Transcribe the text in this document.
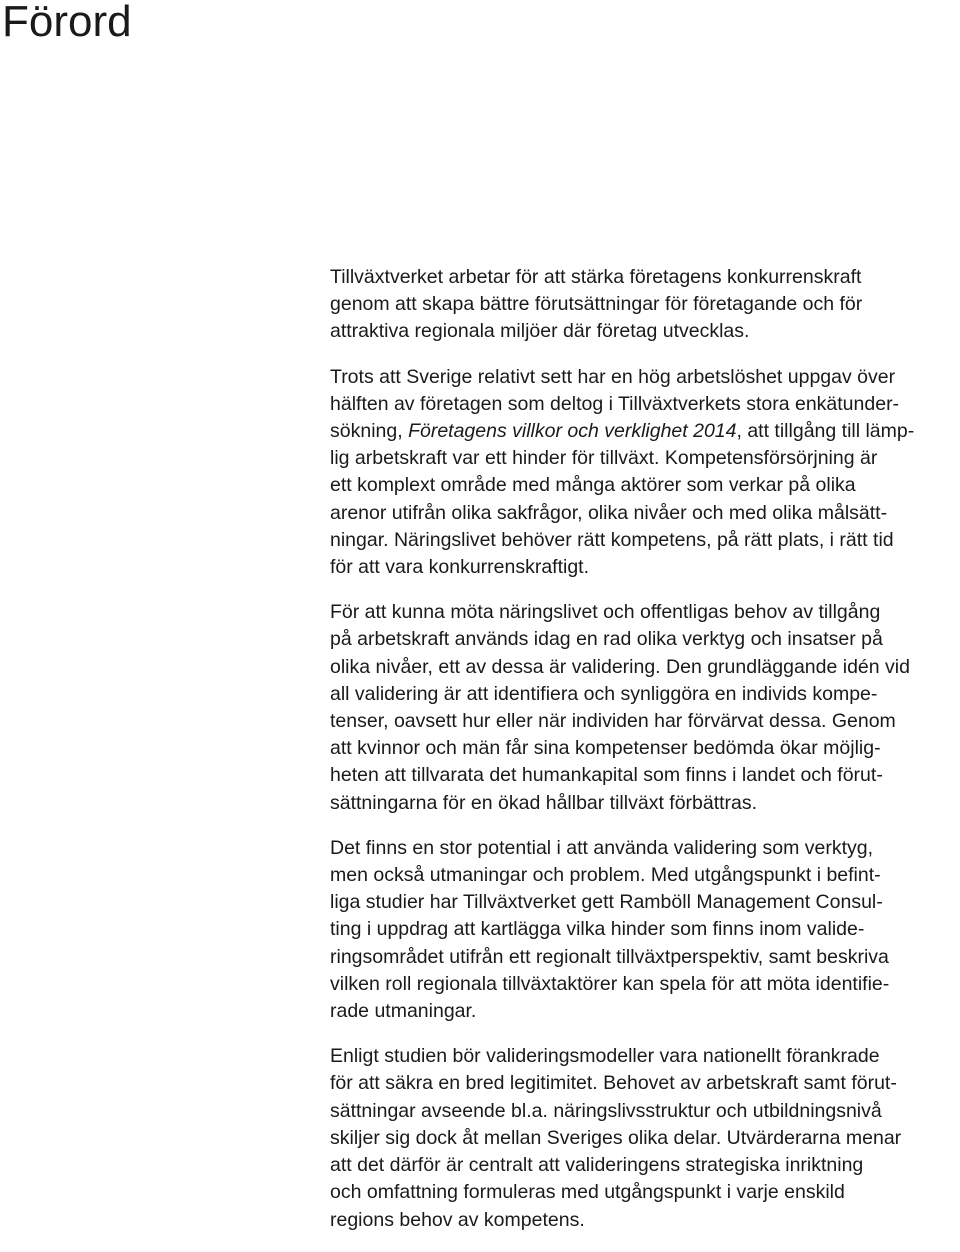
Förord

Tillväxtverket arbetar för att stärka företagens konkurrenskraft
genom att skapa bättre förutsättningar för företagande och för
attraktiva regionala miljöer där företag utvecklas.

Trots att Sverige relativt sett har en hög arbetslöshet uppgav över
hälften av företagen som deltog i Tillväxtverkets stora enkätunder-
sökning, Företagens villkor och verklighet 2014, att tillgång till lämp-
lig arbetskraft var ett hinder för tillväxt. Kompetensförsörjning är
ett komplext område med många aktörer som verkar på olika
arenor utifrån olika sakfrågor, olika nivåer och med olika målsätt-
ningar. Näringslivet behöver rätt kompetens, på rätt plats, i rätt tid
för att vara konkurrenskraftigt.

För att kunna möta näringslivet och offentligas behov av tillgång
på arbetskraft används idag en rad olika verktyg och insatser på
olika nivåer, ett av dessa är validering. Den grundläggande idén vid
all validering är att identifiera och synliggöra en individs kompe-
tenser, oavsett hur eller när individen har förvärvat dessa. Genom
att kvinnor och män får sina kompetenser bedömda ökar möjlig-
heten att tillvarata det humankapital som finns i landet och förut-
sättningarna för en ökad hållbar tillväxt förbättras.

Det finns en stor potential i att använda validering som verktyg,
men också utmaningar och problem. Med utgångspunkt i befint-
liga studier har Tillväxtverket gett Ramböll Management Consul-
ting i uppdrag att kartlägga vilka hinder som finns inom valide-
ringsområdet utifrån ett regionalt tillväxtperspektiv, samt beskriva
vilken roll regionala tillväxtaktörer kan spela för att möta identifie-
rade utmaningar.

Enligt studien bör valideringsmodeller vara nationellt förankrade
för att säkra en bred legitimitet. Behovet av arbetskraft samt förut-
sättningar avseende bl.a. näringslivsstruktur och utbildningsnivå
skiljer sig dock åt mellan Sveriges olika delar. Utvärderarna menar
att det därför är centralt att valideringens strategiska inriktning
och omfattning formuleras med utgångspunkt i varje enskild
regions behov av kompetens.
